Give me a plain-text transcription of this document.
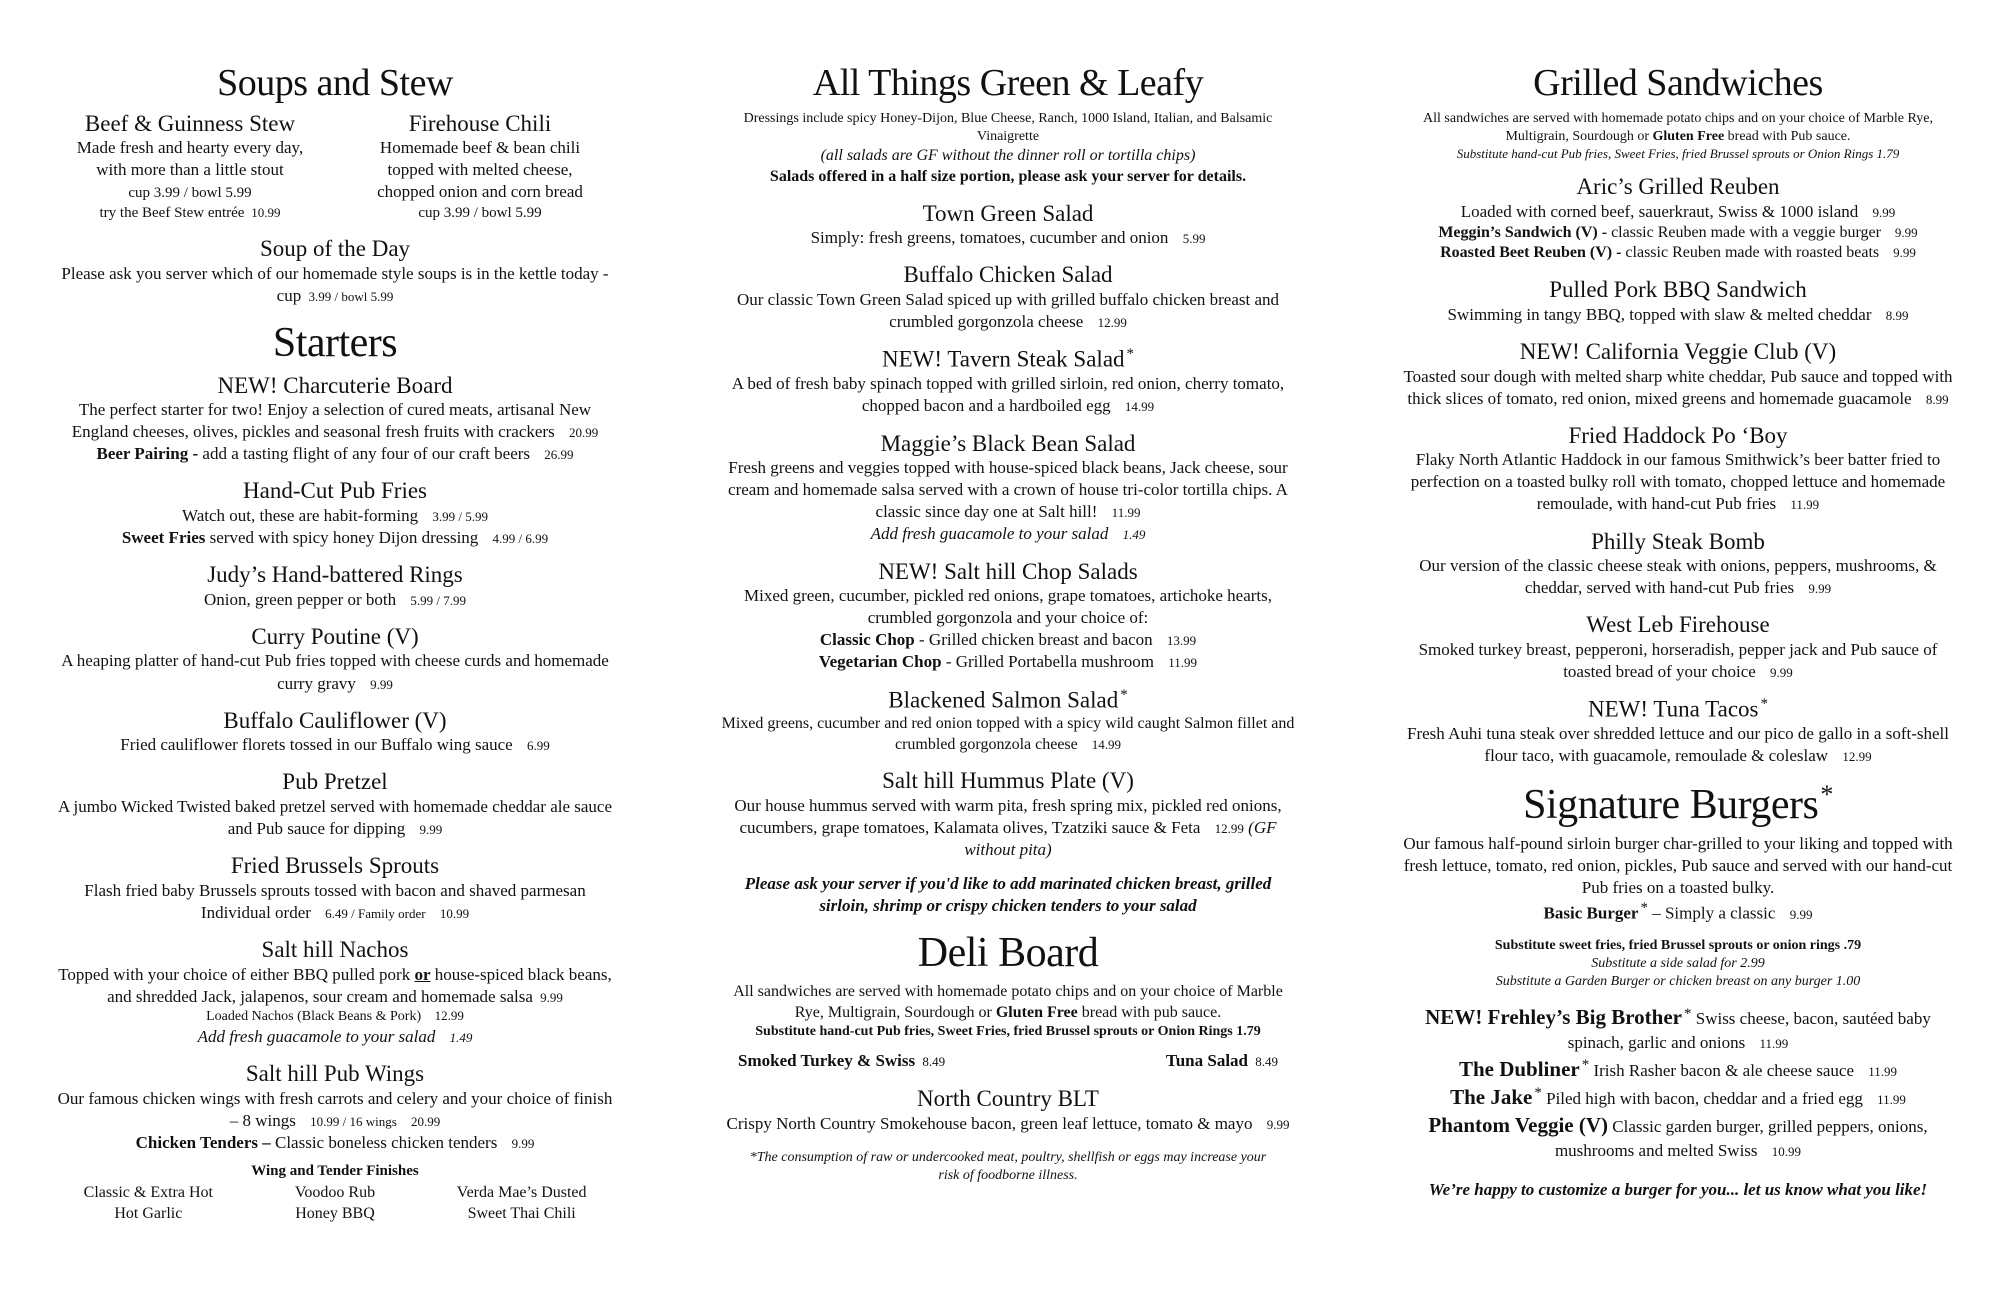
Soups and Stew
Beef & Guinness Stew
Made fresh and hearty every day,
with more than a little stout
cup 3.99 / bowl 5.99
try the Beef Stew entrée 10.99
Firehouse Chili
Homemade beef & bean chili
topped with melted cheese,
chopped onion and corn bread
cup 3.99 / bowl 5.99
Soup of the Day
Please ask you server which of our homemade style soups is in the kettle today - cup 3.99 / bowl 5.99
Starters
NEW! Charcuterie Board
The perfect starter for two! Enjoy a selection of cured meats, artisanal New England cheeses, olives, pickles and seasonal fresh fruits with crackers 20.99
Beer Pairing - add a tasting flight of any four of our craft beers 26.99
Hand-Cut Pub Fries
Watch out, these are habit-forming 3.99 / 5.99
Sweet Fries served with spicy honey Dijon dressing 4.99 / 6.99
Judy’s Hand-battered Rings
Onion, green pepper or both 5.99 / 7.99
Curry Poutine (V)
A heaping platter of hand-cut Pub fries topped with cheese curds and homemade curry gravy 9.99
Buffalo Cauliflower (V)
Fried cauliflower florets tossed in our Buffalo wing sauce 6.99
Pub Pretzel
A jumbo Wicked Twisted baked pretzel served with homemade cheddar ale sauce and Pub sauce for dipping 9.99
Fried Brussels Sprouts
Flash fried baby Brussels sprouts tossed with bacon and shaved parmesan
Individual order 6.49 / Family order 10.99
Salt hill Nachos
Topped with your choice of either BBQ pulled pork or house-spiced black beans, and shredded Jack, jalapenos, sour cream and homemade salsa 9.99
Loaded Nachos (Black Beans & Pork) 12.99
Add fresh guacamole to your salad 1.49
Salt hill Pub Wings
Our famous chicken wings with fresh carrots and celery and your choice of finish – 8 wings 10.99 / 16 wings 20.99
Chicken Tenders – Classic boneless chicken tenders 9.99
Wing and Tender Finishes
Classic & Extra Hot	Voodoo Rub	Verda Mae’s Dusted
Hot Garlic	Honey BBQ	Sweet Thai Chili
All Things Green & Leafy
Dressings include spicy Honey-Dijon, Blue Cheese, Ranch, 1000 Island, Italian, and Balsamic Vinaigrette
(all salads are GF without the dinner roll or tortilla chips)
Salads offered in a half size portion, please ask your server for details.
Town Green Salad
Simply: fresh greens, tomatoes, cucumber and onion 5.99
Buffalo Chicken Salad
Our classic Town Green Salad spiced up with grilled buffalo chicken breast and crumbled gorgonzola cheese 12.99
NEW! Tavern Steak Salad *
A bed of fresh baby spinach topped with grilled sirloin, red onion, cherry tomato, chopped bacon and a hardboiled egg 14.99
Maggie’s Black Bean Salad
Fresh greens and veggies topped with house-spiced black beans, Jack cheese, sour cream and homemade salsa served with a crown of house tri-color tortilla chips. A classic since day one at Salt hill! 11.99
Add fresh guacamole to your salad 1.49
NEW! Salt hill Chop Salads
Mixed green, cucumber, pickled red onions, grape tomatoes, artichoke hearts, crumbled gorgonzola and your choice of:
Classic Chop - Grilled chicken breast and bacon 13.99
Vegetarian Chop - Grilled Portabella mushroom 11.99
Blackened Salmon Salad *
Mixed greens, cucumber and red onion topped with a spicy wild caught Salmon fillet and crumbled gorgonzola cheese 14.99
Salt hill Hummus Plate (V)
Our house hummus served with warm pita, fresh spring mix, pickled red onions, cucumbers, grape tomatoes, Kalamata olives, Tzatziki sauce & Feta 12.99 (GF without pita)
Please ask your server if you'd like to add marinated chicken breast, grilled sirloin, shrimp or crispy chicken tenders to your salad
Deli Board
All sandwiches are served with homemade potato chips and on your choice of Marble Rye, Multigrain, Sourdough or Gluten Free bread with pub sauce.
Substitute hand-cut Pub fries, Sweet Fries, fried Brussel sprouts or Onion Rings 1.79
Smoked Turkey & Swiss 8.49	Tuna Salad 8.49
North Country BLT
Crispy North Country Smokehouse bacon, green leaf lettuce, tomato & mayo 9.99
*The consumption of raw or undercooked meat, poultry, shellfish or eggs may increase your risk of foodborne illness.
Grilled Sandwiches
All sandwiches are served with homemade potato chips and on your choice of Marble Rye, Multigrain, Sourdough or Gluten Free bread with Pub sauce.
Substitute hand-cut Pub fries, Sweet Fries, fried Brussel sprouts or Onion Rings 1.79
Aric’s Grilled Reuben
Loaded with corned beef, sauerkraut, Swiss & 1000 island 9.99
Meggin’s Sandwich (V) - classic Reuben made with a veggie burger 9.99
Roasted Beet Reuben (V) - classic Reuben made with roasted beats 9.99
Pulled Pork BBQ Sandwich
Swimming in tangy BBQ, topped with slaw & melted cheddar 8.99
NEW! California Veggie Club (V)
Toasted sour dough with melted sharp white cheddar, Pub sauce and topped with thick slices of tomato, red onion, mixed greens and homemade guacamole 8.99
Fried Haddock Po ‘Boy
Flaky North Atlantic Haddock in our famous Smithwick’s beer batter fried to perfection on a toasted bulky roll with tomato, chopped lettuce and homemade remoulade, with hand-cut Pub fries 11.99
Philly Steak Bomb
Our version of the classic cheese steak with onions, peppers, mushrooms, & cheddar, served with hand-cut Pub fries 9.99
West Leb Firehouse
Smoked turkey breast, pepperoni, horseradish, pepper jack and Pub sauce of toasted bread of your choice 9.99
NEW! Tuna Tacos *
Fresh Auhi tuna steak over shredded lettuce and our pico de gallo in a soft-shell flour taco, with guacamole, remoulade & coleslaw 12.99
Signature Burgers*
Our famous half-pound sirloin burger char-grilled to your liking and topped with fresh lettuce, tomato, red onion, pickles, Pub sauce and served with our hand-cut Pub fries on a toasted bulky.
Basic Burger * – Simply a classic 9.99
Substitute sweet fries, fried Brussel sprouts or onion rings .79
Substitute a side salad for 2.99
Substitute a Garden Burger or chicken breast on any burger 1.00
NEW! Frehley’s Big Brother * Swiss cheese, bacon, sautéed baby spinach, garlic and onions 11.99
The Dubliner * Irish Rasher bacon & ale cheese sauce 11.99
The Jake * Piled high with bacon, cheddar and a fried egg 11.99
Phantom Veggie (V) Classic garden burger, grilled peppers, onions, mushrooms and melted Swiss 10.99
We’re happy to customize a burger for you... let us know what you like!
